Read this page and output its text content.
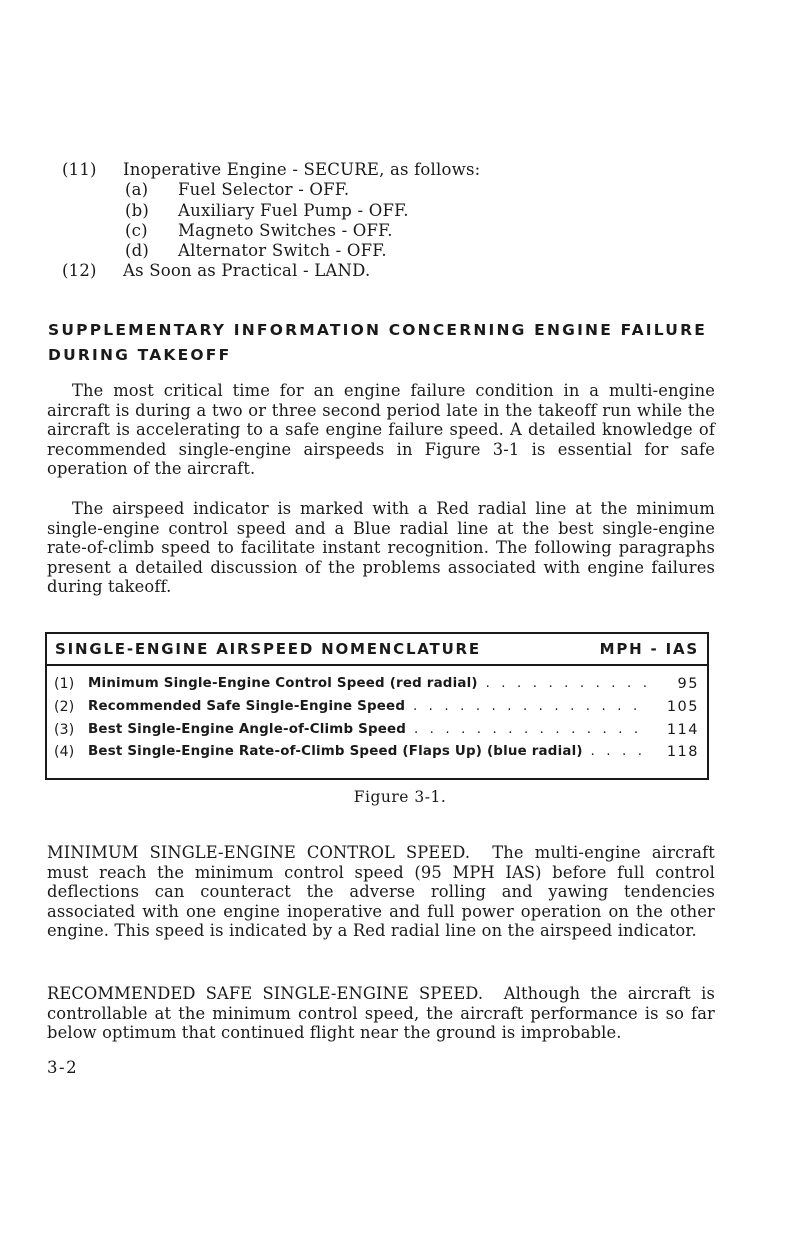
(11) Inoperative Engine - SECURE, as follows:
(a) Fuel Selector - OFF.
(b) Auxiliary Fuel Pump - OFF.
(c) Magneto Switches - OFF.
(d) Alternator Switch - OFF.
(12) As Soon as Practical - LAND.
SUPPLEMENTARY INFORMATION CONCERNING ENGINE FAILURE
DURING TAKEOFF
The most critical time for an engine failure condition in a multi-engine aircraft is during a two or three second period late in the takeoff run while the aircraft is accelerating to a safe engine failure speed. A detailed knowledge of recommended single-engine airspeeds in Figure 3-1 is essential for safe operation of the aircraft.
The airspeed indicator is marked with a Red radial line at the minimum single-engine control speed and a Blue radial line at the best single-engine rate-of-climb speed to facilitate instant recognition. The following paragraphs present a detailed discussion of the problems associated with engine failures during takeoff.
SINGLE-ENGINE AIRSPEED NOMENCLATURE	MPH - IAS
(1) Minimum Single-Engine Control Speed (red radial) . . .	95
(2) Recommended Safe Single-Engine Speed . . .	105
(3) Best Single-Engine Angle-of-Climb Speed . . .	114
(4) Best Single-Engine Rate-of-Climb Speed (Flaps Up) (blue radial) . . .	118
Figure 3-1.
MINIMUM SINGLE-ENGINE CONTROL SPEED. The multi-engine aircraft must reach the minimum control speed (95 MPH IAS) before full control deflections can counteract the adverse rolling and yawing tendencies associated with one engine inoperative and full power operation on the other engine. This speed is indicated by a Red radial line on the airspeed indicator.
RECOMMENDED SAFE SINGLE-ENGINE SPEED. Although the aircraft is controllable at the minimum control speed, the aircraft performance is so far below optimum that continued flight near the ground is improbable.
3-2
